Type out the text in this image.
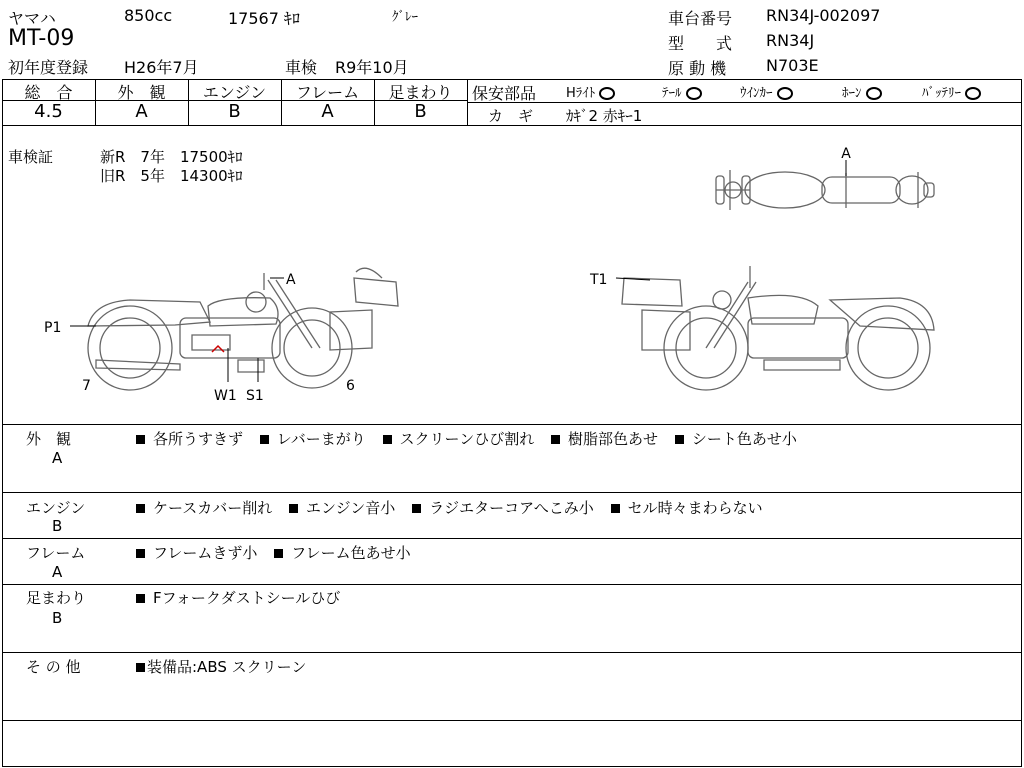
ヤマハ	850cc	17567 ｷﾛ	ｸﾞﾚｰ
MT-09
初年度登録 H26年7月	車検 R9年10月
車台番号 RN34J-002097
型　　式 RN34J
原 動 機 N703E
総　合	外　観	エンジン	フレーム	足まわり
4.5	A	B	A	B
保安部品 Hﾗｲﾄ	ﾃｰﾙ	ｳｲﾝｶｰ	ﾎｰﾝ	ﾊﾞｯﾃﾘｰ
カ　ギ ｶｷﾞ2 赤ｷｰ1
車検証	新R　7年　17500ｷﾛ
旧R　5年　14300ｷﾛ
A
A
P1
7	6
W1 S1
T1
外　観
A
各所うすきず レバーまがり スクリーンひび割れ 樹脂部色あせ シート色あせ小
エンジン
B
ケースカバー削れ エンジン音小 ラジエターコアへこみ小 セル時々まわらない
フレーム
A
フレームきず小 フレーム色あせ小
足まわり
B
Fフォークダストシールひび
そ の 他	装備品:ABS スクリーン
